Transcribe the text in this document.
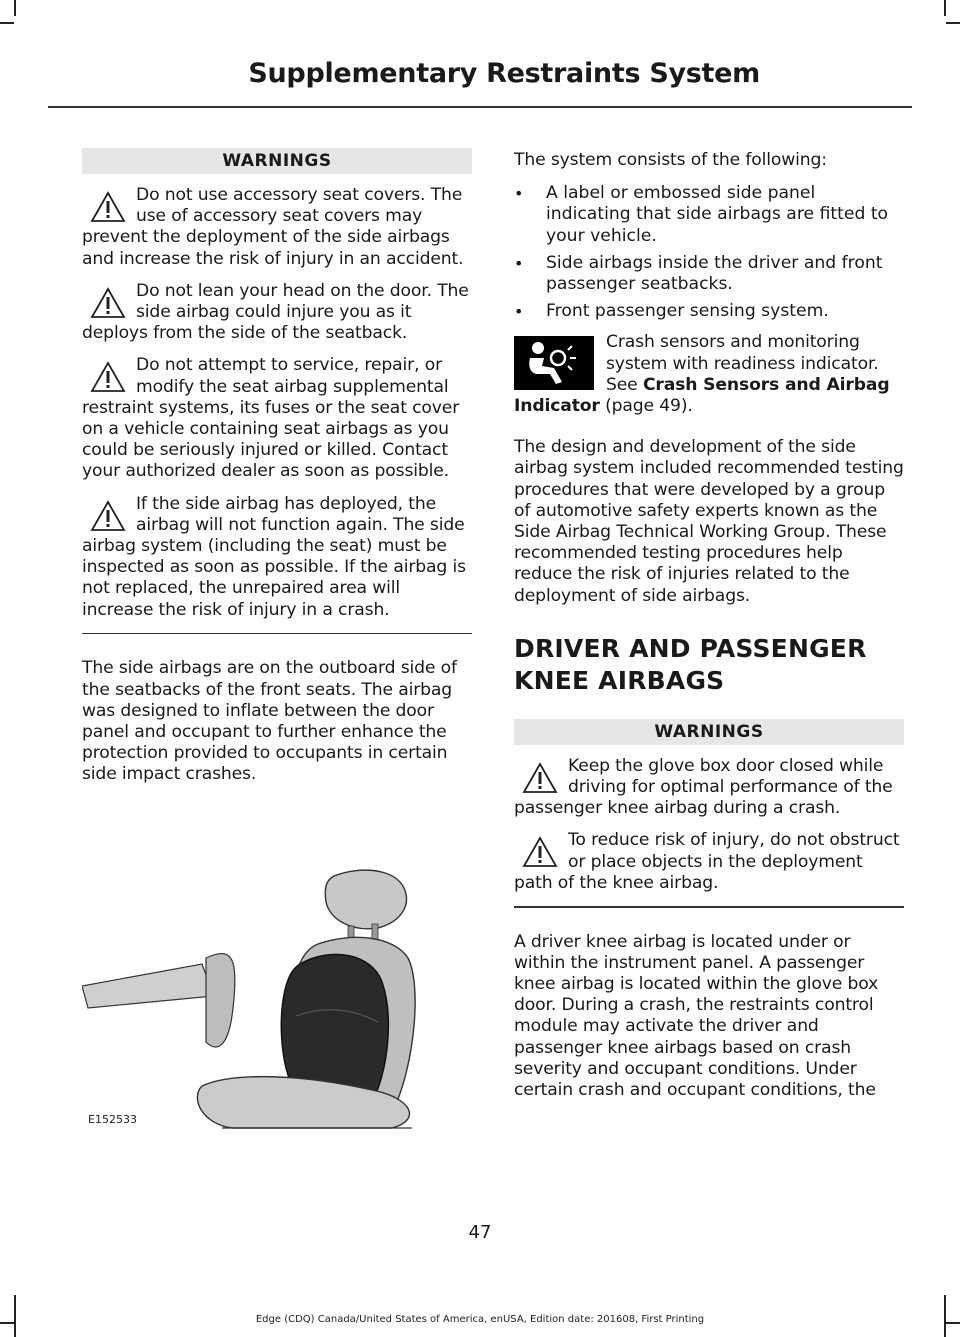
Supplementary Restraints System
WARNINGS

Do not use accessory seat covers. The use of accessory seat covers may prevent the deployment of the side airbags and increase the risk of injury in an accident.

Do not lean your head on the door. The side airbag could injure you as it deploys from the side of the seatback.

Do not attempt to service, repair, or modify the seat airbag supplemental restraint systems, its fuses or the seat cover on a vehicle containing seat airbags as you could be seriously injured or killed. Contact your authorized dealer as soon as possible.

If the side airbag has deployed, the airbag will not function again. The side airbag system (including the seat) must be inspected as soon as possible. If the airbag is not replaced, the unrepaired area will increase the risk of injury in a crash.

The side airbags are on the outboard side of the seatbacks of the front seats. The airbag was designed to inflate between the door panel and occupant to further enhance the protection provided to occupants in certain side impact crashes.

E152533

The system consists of the following:

• A label or embossed side panel indicating that side airbags are fitted to your vehicle.
• Side airbags inside the driver and front passenger seatbacks.
• Front passenger sensing system.

Crash sensors and monitoring system with readiness indicator. See Crash Sensors and Airbag Indicator (page 49).

The design and development of the side airbag system included recommended testing procedures that were developed by a group of automotive safety experts known as the Side Airbag Technical Working Group. These recommended testing procedures help reduce the risk of injuries related to the deployment of side airbags.

DRIVER AND PASSENGER
KNEE AIRBAGS
WARNINGS

Keep the glove box door closed while driving for optimal performance of the passenger knee airbag during a crash.

To reduce risk of injury, do not obstruct or place objects in the deployment path of the knee airbag.

A driver knee airbag is located under or within the instrument panel. A passenger knee airbag is located within the glove box door. During a crash, the restraints control module may activate the driver and passenger knee airbags based on crash severity and occupant conditions. Under certain crash and occupant conditions, the

47
Edge (CDQ) Canada/United States of America, enUSA, Edition date: 201608, First Printing
